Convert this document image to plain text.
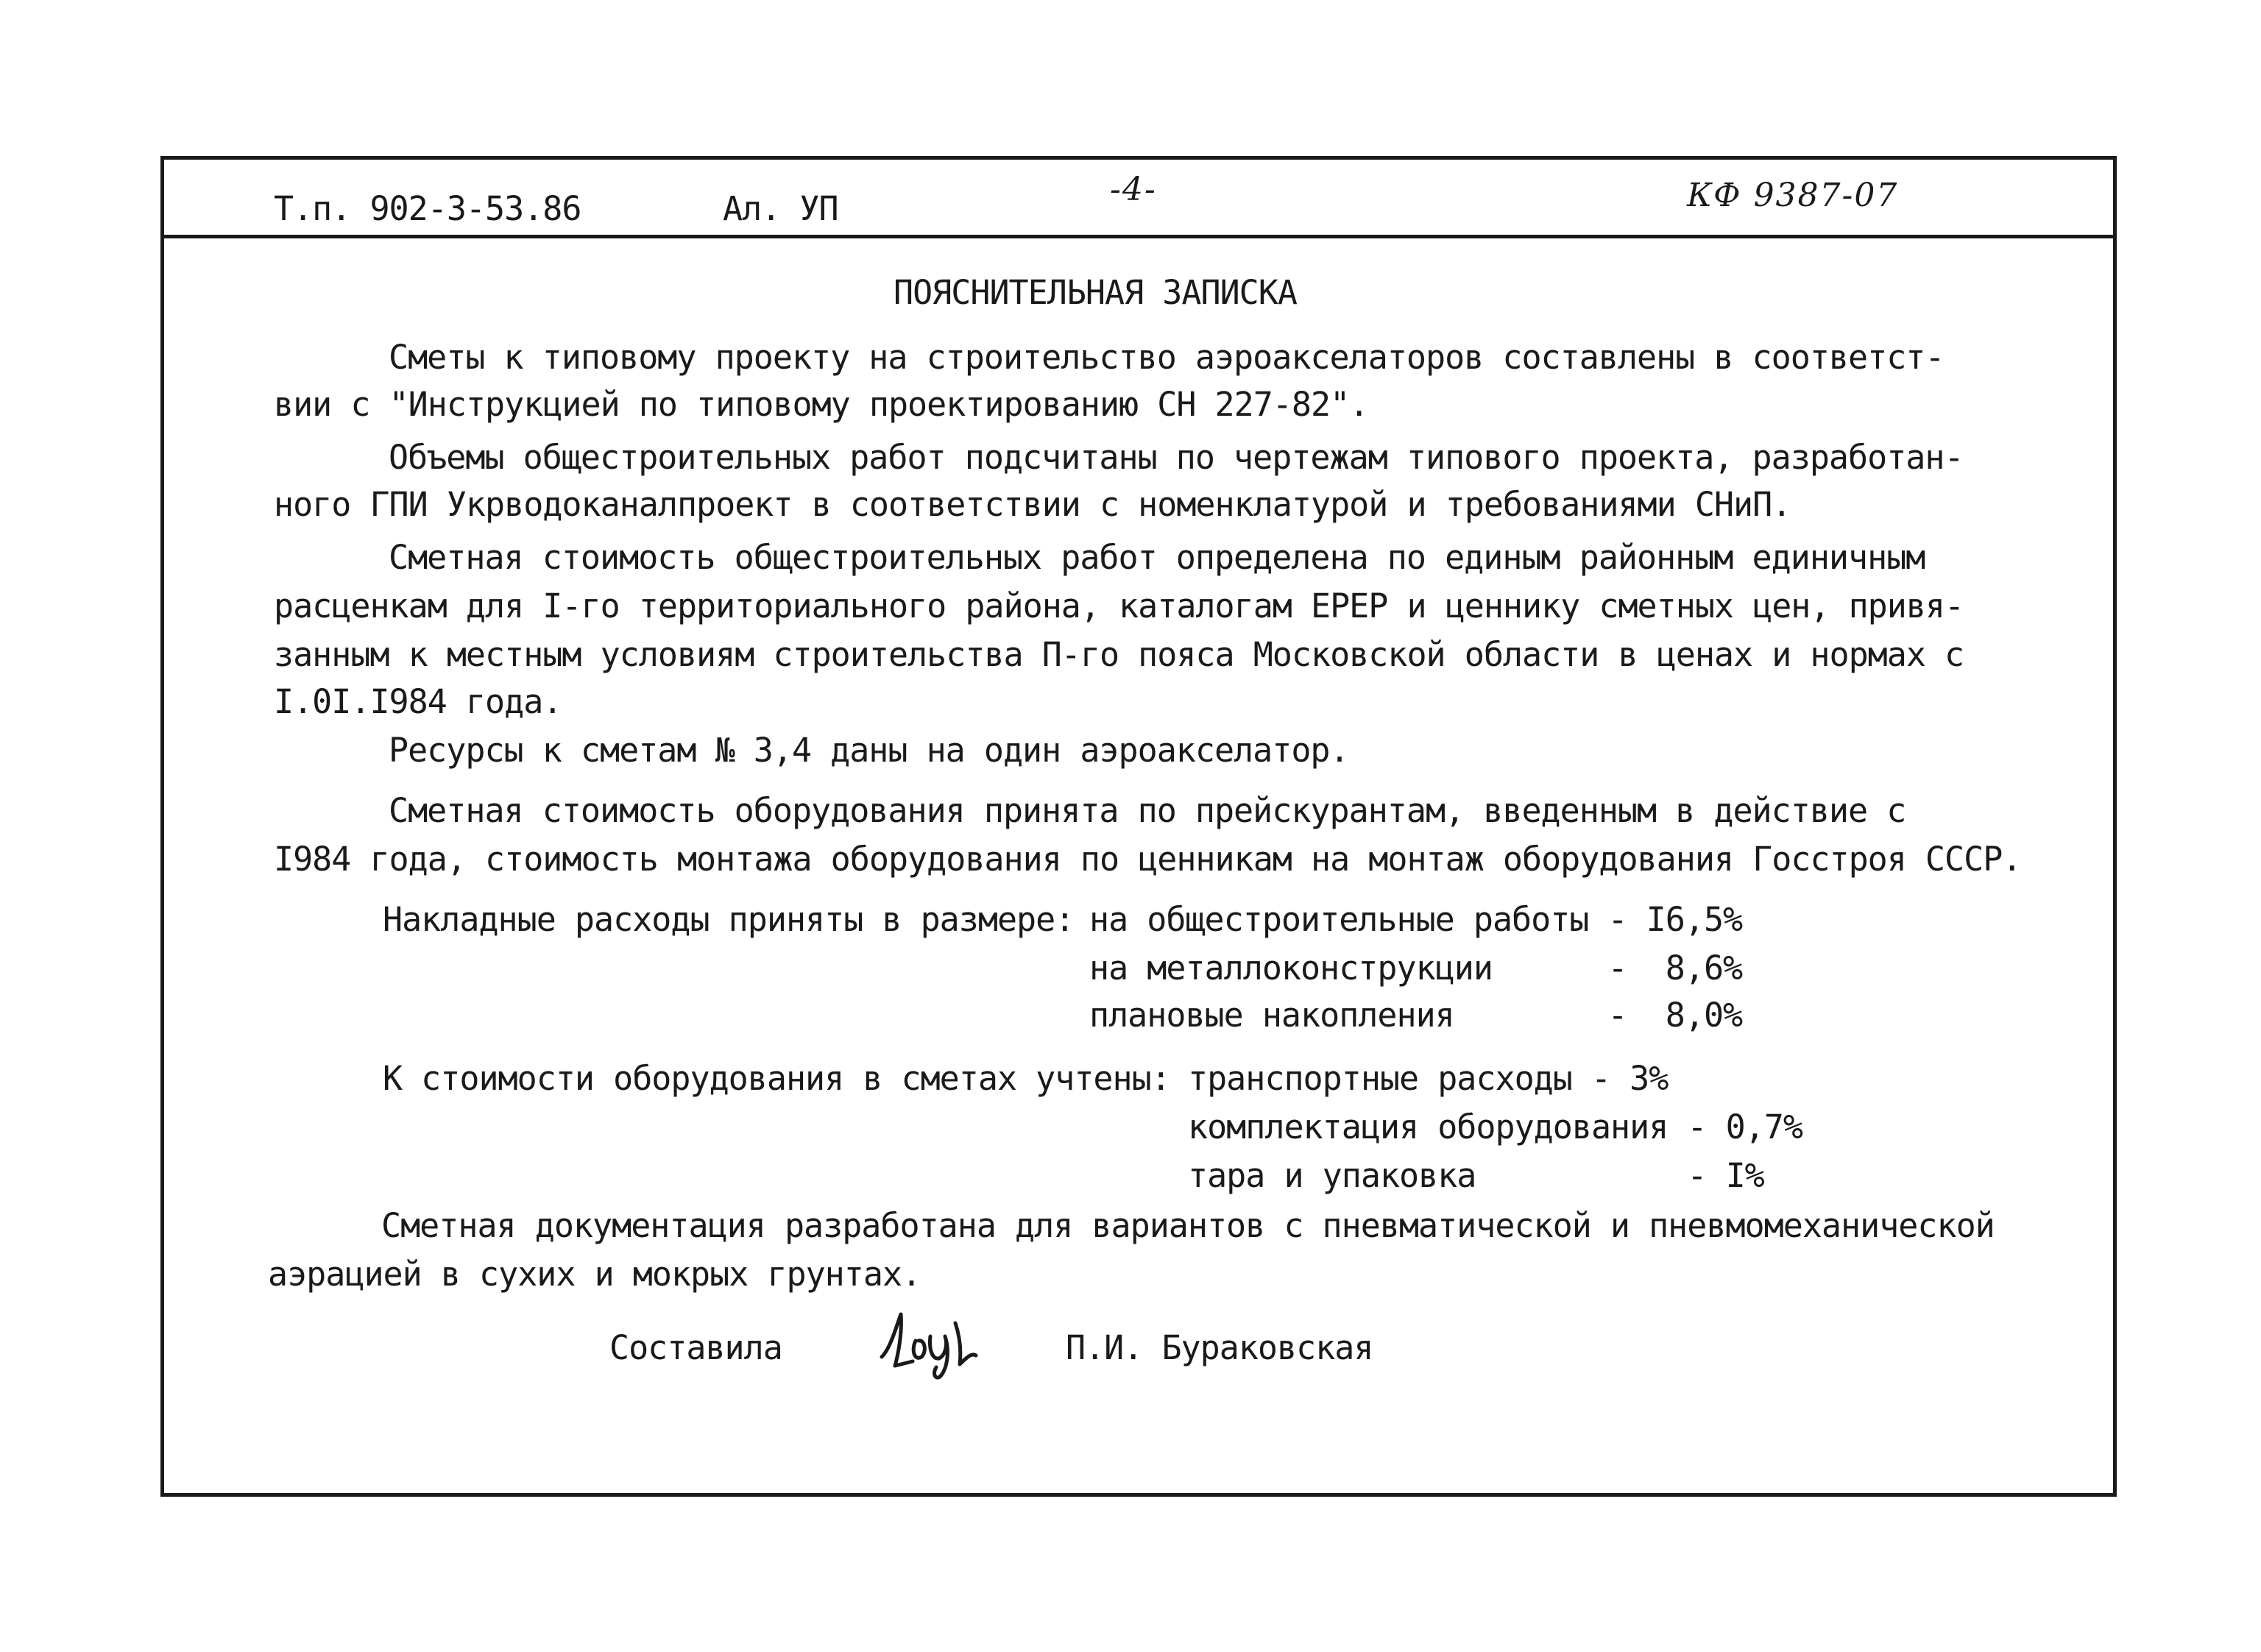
Т.п. 902-3-53.86	Ал. УП	-4-	КФ 9387-07
ПОЯСНИТЕЛЬНАЯ ЗАПИСКА
Сметы к типовому проекту на строительство аэроакселаторов составлены в соответст-
вии с "Инструкцией по типовому проектированию СН 227-82".
Объемы общестроительных работ подсчитаны по чертежам типового проекта, разработан-
ного ГПИ Укрводоканалпроект в соответствии с номенклатурой и требованиями СНиП.
Сметная стоимость общестроительных работ определена по единым районным единичным
расценкам для I-го территориального района, каталогам ЕРЕР и ценнику сметных цен, привя-
занным к местным условиям строительства П-го пояса Московской области в ценах и нормах с
I.0I.I984 года.
Ресурсы к сметам № 3,4 даны на один аэроакселатор.
Сметная стоимость оборудования принята по прейскурантам, введенным в действие с
I984 года, стоимость монтажа оборудования по ценникам на монтаж оборудования Госстроя СССР.
Накладные расходы приняты в размере: на общестроительные работы - I6,5%
на металлоконструкции      -  8,6%
плановые накопления        -  8,0%
К стоимости оборудования в сметах учтены: транспортные расходы - 3%
комплектация оборудования - 0,7%
тара и упаковка           - I%
Сметная документация разработана для вариантов с пневматической и пневмомеханической
аэрацией в сухих и мокрых грунтах.
Составила	П.И. Бураковская
